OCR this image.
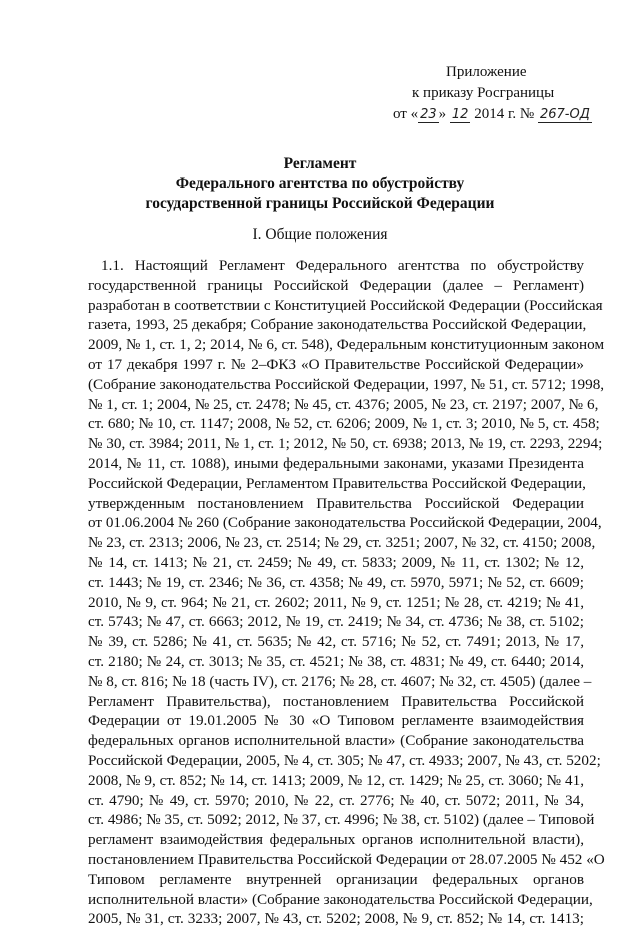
Приложение
к приказу Росграницы
от « 23 » 12 2014 г. № 267-ОД
Регламент
Федерального агентства по обустройству
государственной границы Российской Федерации
I. Общие положения
1.1. Настоящий Регламент Федерального агентства по обустройству
государственной границы Российской Федерации (далее – Регламент)
разработан в соответствии с Конституцией Российской Федерации (Российская
газета, 1993, 25 декабря; Собрание законодательства Российской Федерации,
2009, № 1, ст. 1, 2; 2014, № 6, ст. 548), Федеральным конституционным законом
от 17 декабря 1997 г. № 2–ФКЗ «О Правительстве Российской Федерации»
(Собрание законодательства Российской Федерации, 1997, № 51, ст. 5712; 1998,
№ 1, ст. 1; 2004, № 25, ст. 2478; № 45, ст. 4376; 2005, № 23, ст. 2197; 2007, № 6,
ст. 680; № 10, ст. 1147; 2008, № 52, ст. 6206; 2009, № 1, ст. 3; 2010, № 5, ст. 458;
№ 30, ст. 3984; 2011, № 1, ст. 1; 2012, № 50, ст. 6938; 2013, № 19, ст. 2293, 2294;
2014, № 11, ст. 1088), иными федеральными законами, указами Президента
Российской Федерации, Регламентом Правительства Российской Федерации,
утвержденным постановлением Правительства Российской Федерации
от 01.06.2004 № 260 (Собрание законодательства Российской Федерации, 2004,
№ 23, ст. 2313; 2006, № 23, ст. 2514; № 29, ст. 3251; 2007, № 32, ст. 4150; 2008,
№ 14, ст. 1413; № 21, ст. 2459; № 49, ст. 5833; 2009, № 11, ст. 1302; № 12,
ст. 1443; № 19, ст. 2346; № 36, ст. 4358; № 49, ст. 5970, 5971; № 52, ст. 6609;
2010, № 9, ст. 964; № 21, ст. 2602; 2011, № 9, ст. 1251; № 28, ст. 4219; № 41,
ст. 5743; № 47, ст. 6663; 2012, № 19, ст. 2419; № 34, ст. 4736; № 38, ст. 5102;
№ 39, ст. 5286; № 41, ст. 5635; № 42, ст. 5716; № 52, ст. 7491; 2013, № 17,
ст. 2180; № 24, ст. 3013; № 35, ст. 4521; № 38, ст. 4831; № 49, ст. 6440; 2014,
№ 8, ст. 816; № 18 (часть IV), ст. 2176; № 28, ст. 4607; № 32, ст. 4505) (далее –
Регламент Правительства), постановлением Правительства Российской
Федерации от 19.01.2005 № 30 «О Типовом регламенте взаимодействия
федеральных органов исполнительной власти» (Собрание законодательства
Российской Федерации, 2005, № 4, ст. 305; № 47, ст. 4933; 2007, № 43, ст. 5202;
2008, № 9, ст. 852; № 14, ст. 1413; 2009, № 12, ст. 1429; № 25, ст. 3060; № 41,
ст. 4790; № 49, ст. 5970; 2010, № 22, ст. 2776; № 40, ст. 5072; 2011, № 34,
ст. 4986; № 35, ст. 5092; 2012, № 37, ст. 4996; № 38, ст. 5102) (далее – Типовой
регламент взаимодействия федеральных органов исполнительной власти),
постановлением Правительства Российской Федерации от 28.07.2005 № 452 «О
Типовом регламенте внутренней организации федеральных органов
исполнительной власти» (Собрание законодательства Российской Федерации,
2005, № 31, ст. 3233; 2007, № 43, ст. 5202; 2008, № 9, ст. 852; № 14, ст. 1413;
